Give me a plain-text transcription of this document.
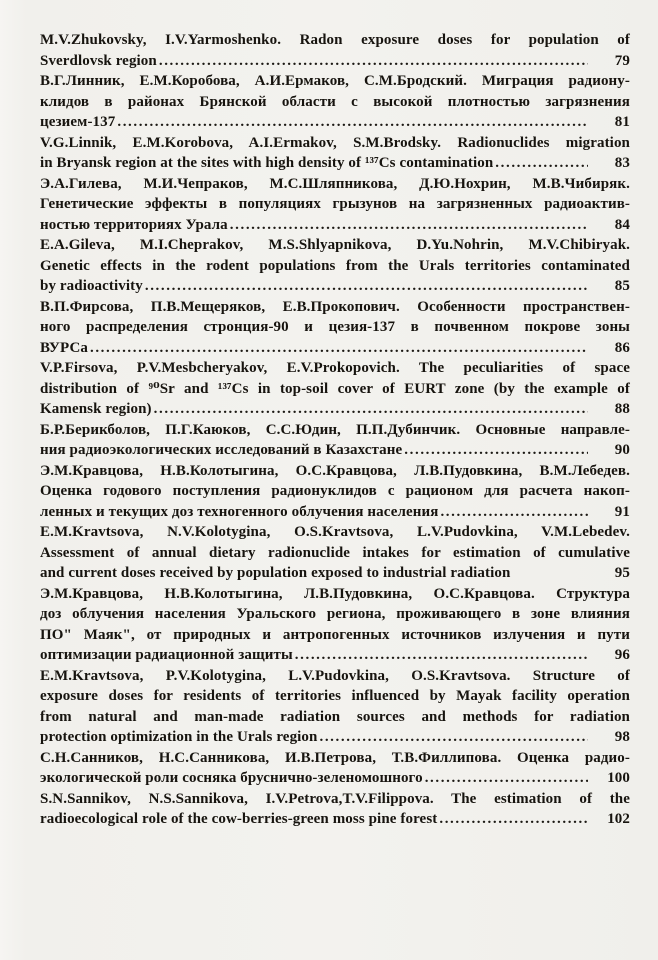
M.V.Zhukovsky, I.V.Yarmoshenko. Radon exposure doses for population of
Sverdlovsk region .....	79
В.Г.Линник, Е.М.Коробова, А.И.Ермаков, С.М.Бродский. Миграция радиону-
клидов в районах Брянской области с высокой плотностью загрязнения
цезием-137 .....	81
V.G.Linnik, E.M.Korobova, A.I.Ermakov, S.M.Brodsky. Radionuclides migration
in Bryansk region at the sites with high density of ¹³⁷Cs contamination .....	83
Э.А.Гилева, М.И.Чепраков, М.С.Шляпникова, Д.Ю.Нохрин, М.В.Чибиряк.
Генетические эффекты в популяциях грызунов на загрязненных радиоактив-
ностью территориях Урала .....	84
E.A.Gileva, M.I.Cheprakov, M.S.Shlyapnikova, D.Yu.Nohrin, M.V.Chibiryak.
Genetic effects in the rodent populations from the Urals territories contaminated
by radioactivity .....	85
В.П.Фирсова, П.В.Мещеряков, Е.В.Прокопович. Особенности пространствен-
ного распределения стронция-90 и цезия-137 в почвенном покрове зоны
ВУРСа .....	86
V.P.Firsova, P.V.Mesbcheryakov, E.V.Prokopovich. The peculiarities of space
distribution of ⁹⁰Sr and ¹³⁷Cs in top-soil cover of EURT zone (by the example of
Kamensk region) .....	88
Б.Р.Берикболов, П.Г.Каюков, С.С.Юдин, П.П.Дубинчик. Основные направле-
ния радиоэкологических исследований в Казахстане .....	90
Э.М.Кравцова, Н.В.Колотыгина, О.С.Кравцова, Л.В.Пудовкина, В.М.Лебедев.
Оценка годового поступления радионуклидов с рационом для расчета накоп-
ленных и текущих доз техногенного облучения населения .....	91
E.M.Kravtsova, N.V.Kolotygina, O.S.Kravtsova, L.V.Pudovkina, V.M.Lebedev.
Assessment of annual dietary radionuclide intakes for estimation of cumulative
and current doses received by population exposed to industrial radiation	95
Э.М.Кравцова, Н.В.Колотыгина, Л.В.Пудовкина, О.С.Кравцова. Структура
доз облучения населения Уральского региона, проживающего в зоне влияния
ПО" Маяк", от природных и антропогенных источников излучения и пути
оптимизации радиационной защиты .....	96
E.M.Kravtsova, P.V.Kolotygina, L.V.Pudovkina, O.S.Kravtsova. Structure of
exposure doses for residents of territories influenced by Mayak facility operation
from natural and man-made radiation sources and methods for radiation
protection optimization in the Urals region .....	98
С.Н.Санников, Н.С.Санникова, И.В.Петрова, Т.В.Филлипова. Оценка радио-
экологической роли сосняка бруснично-зеленомошного .....	100
S.N.Sannikov, N.S.Sannikova, I.V.Petrova,T.V.Filippova. The estimation of the
radioecological role of the cow-berries-green moss pine forest .....	102
